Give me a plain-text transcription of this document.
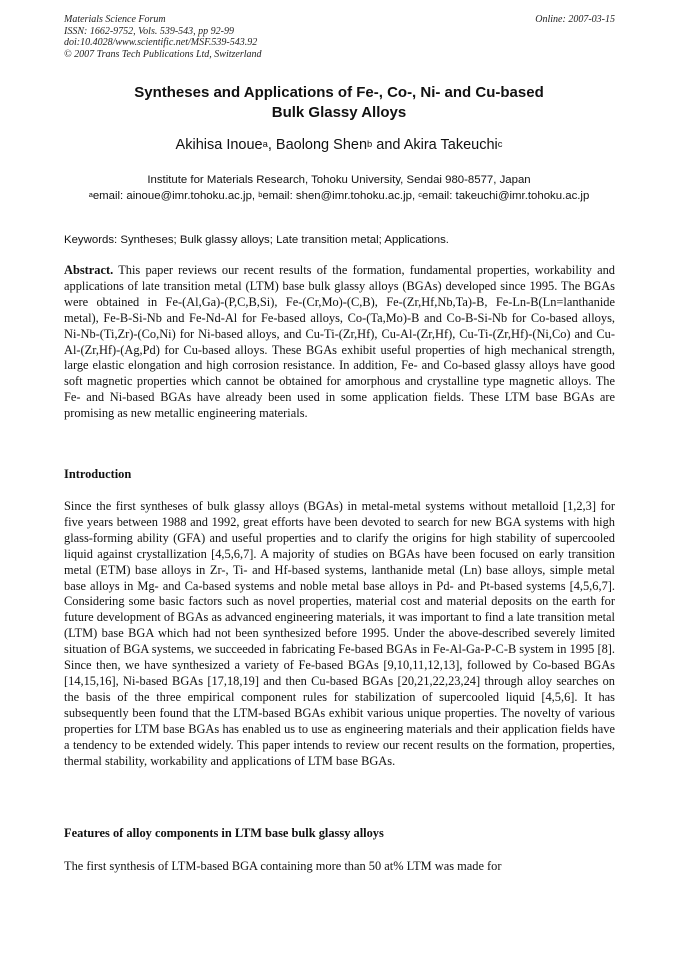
Materials Science Forum
ISSN: 1662-9752, Vols. 539-543, pp 92-99
doi:10.4028/www.scientific.net/MSF.539-543.92
© 2007 Trans Tech Publications Ltd, Switzerland
Online: 2007-03-15
Syntheses and Applications of Fe-, Co-, Ni- and Cu-based
Bulk Glassy Alloys
Akihisa Inoue$^a$, Baolong Shen$^b$ and Akira Takeuchi$^c$
Institute for Materials Research, Tohoku University, Sendai 980-8577, Japan
$^a$email: ainoue@imr.tohoku.ac.jp, $^b$email: shen@imr.tohoku.ac.jp, $^c$email: takeuchi@imr.tohoku.ac.jp
Keywords: Syntheses; Bulk glassy alloys; Late transition metal; Applications.
Abstract. This paper reviews our recent results of the formation, fundamental properties, workability and applications of late transition metal (LTM) base bulk glassy alloys (BGAs) developed since 1995. The BGAs were obtained in Fe-(Al,Ga)-(P,C,B,Si), Fe-(Cr,Mo)-(C,B), Fe-(Zr,Hf,Nb,Ta)-B, Fe-Ln-B(Ln=lanthanide metal), Fe-B-Si-Nb and Fe-Nd-Al for Fe-based alloys, Co-(Ta,Mo)-B and Co-B-Si-Nb for Co-based alloys, Ni-Nb-(Ti,Zr)-(Co,Ni) for Ni-based alloys, and Cu-Ti-(Zr,Hf), Cu-Al-(Zr,Hf), Cu-Ti-(Zr,Hf)-(Ni,Co) and Cu-Al-(Zr,Hf)-(Ag,Pd) for Cu-based alloys. These BGAs exhibit useful properties of high mechanical strength, large elastic elongation and high corrosion resistance. In addition, Fe- and Co-based glassy alloys have good soft magnetic properties which cannot be obtained for amorphous and crystalline type magnetic alloys. The Fe- and Ni-based BGAs have already been used in some application fields. These LTM base BGAs are promising as new metallic engineering materials.
Introduction
Since the first syntheses of bulk glassy alloys (BGAs) in metal-metal systems without metalloid [1,2,3] for five years between 1988 and 1992, great efforts have been devoted to search for new BGA systems with high glass-forming ability (GFA) and useful properties and to clarify the origins for high stability of supercooled liquid against crystallization [4,5,6,7]. A majority of studies on BGAs have been focused on early transition metal (ETM) base alloys in Zr-, Ti- and Hf-based systems, lanthanide metal (Ln) base alloys, simple metal base alloys in Mg- and Ca-based systems and noble metal base alloys in Pd- and Pt-based systems [4,5,6,7]. Considering some basic factors such as novel properties, material cost and material deposits on the earth for future development of BGAs as advanced engineering materials, it was important to find a late transition metal (LTM) base BGA which had not been synthesized before 1995. Under the above-described severely limited situation of BGA systems, we succeeded in fabricating Fe-based BGAs in Fe-Al-Ga-P-C-B system in 1995 [8]. Since then, we have synthesized a variety of Fe-based BGAs [9,10,11,12,13], followed by Co-based BGAs [14,15,16], Ni-based BGAs [17,18,19] and then Cu-based BGAs [20,21,22,23,24] through alloy searches on the basis of the three empirical component rules for stabilization of supercooled liquid [4,5,6]. It has subsequently been found that the LTM-based BGAs exhibit various unique properties. The novelty of various properties for LTM base BGAs has enabled us to use as engineering materials and their application fields have a tendency to be extended widely. This paper intends to review our recent results on the formation, properties, thermal stability, workability and applications of LTM base BGAs.
Features of alloy components in LTM base bulk glassy alloys
The first synthesis of LTM-based BGA containing more than 50 at% LTM was made for
